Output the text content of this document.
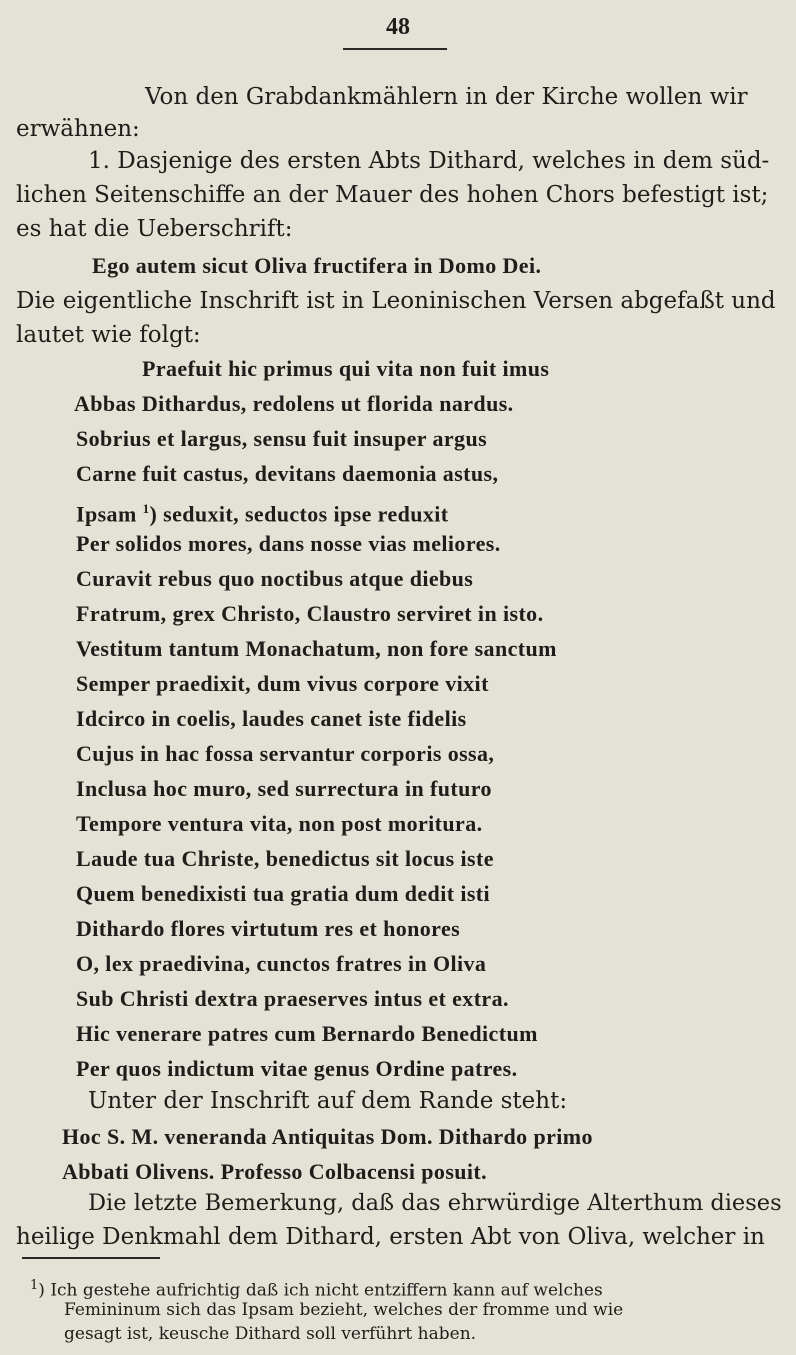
48
Von den Grabdankmählern in der Kirche wollen wir
erwähnen:
1. Dasjenige des ersten Abts Dithard, welches in dem süd-
lichen Seitenschiffe an der Mauer des hohen Chors befestigt ist;
es hat die Ueberschrift:
Ego autem sicut Oliva fructifera in Domo Dei.
Die eigentliche Inschrift ist in Leoninischen Versen abgefaßt und
lautet wie folgt:
Praefuit hic primus qui vita non fuit imus
Abbas Dithardus, redolens ut florida nardus.
Sobrius et largus, sensu fuit insuper argus
Carne fuit castus, devitans daemonia astus,
Ipsam $^1$) seduxit, seductos ipse reduxit
Per solidos mores, dans nosse vias meliores.
Curavit rebus quo noctibus atque diebus
Fratrum, grex Christo, Claustro serviret in isto.
Vestitum tantum Monachatum, non fore sanctum
Semper praedixit, dum vivus corpore vixit
Idcirco in coelis, laudes canet iste fidelis
Cujus in hac fossa servantur corporis ossa,
Inclusa hoc muro, sed surrectura in futuro
Tempore ventura vita, non post moritura.
Laude tua Christe, benedictus sit locus iste
Quem benedixisti tua gratia dum dedit isti
Dithardo flores virtutum res et honores
O, lex praedivina, cunctos fratres in Oliva
Sub Christi dextra praeserves intus et extra.
Hic venerare patres cum Bernardo Benedictum
Per quos indictum vitae genus Ordine patres.
Unter der Inschrift auf dem Rande steht:
Hoc S. M. veneranda Antiquitas Dom. Dithardo primo
Abbati Olivens. Professo Colbacensi posuit.
Die letzte Bemerkung, daß das ehrwürdige Alterthum dieses
heilige Denkmahl dem Dithard, ersten Abt von Oliva, welcher in
$^1$) Ich gestehe aufrichtig daß ich nicht entziffern kann auf welches
Femininum sich das Ipsam bezieht, welches der fromme und wie
gesagt ist, keusche Dithard soll verführt haben.
